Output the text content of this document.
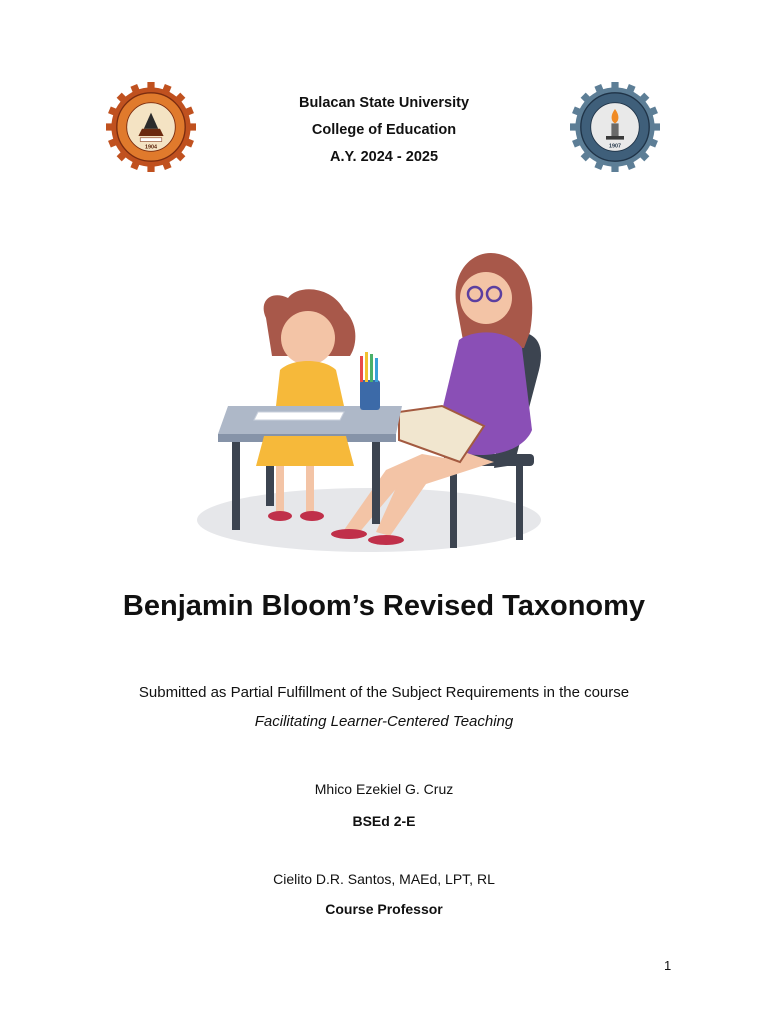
Bulacan State University
College of Education
A.Y. 2024 - 2025
1904	1907
Benjamin Bloom’s Revised Taxonomy
Submitted as Partial Fulfillment of the Subject Requirements in the course
Facilitating Learner-Centered Teaching
Mhico Ezekiel G. Cruz
BSEd 2-E
Cielito D.R. Santos, MAEd, LPT, RL
Course Professor
1
